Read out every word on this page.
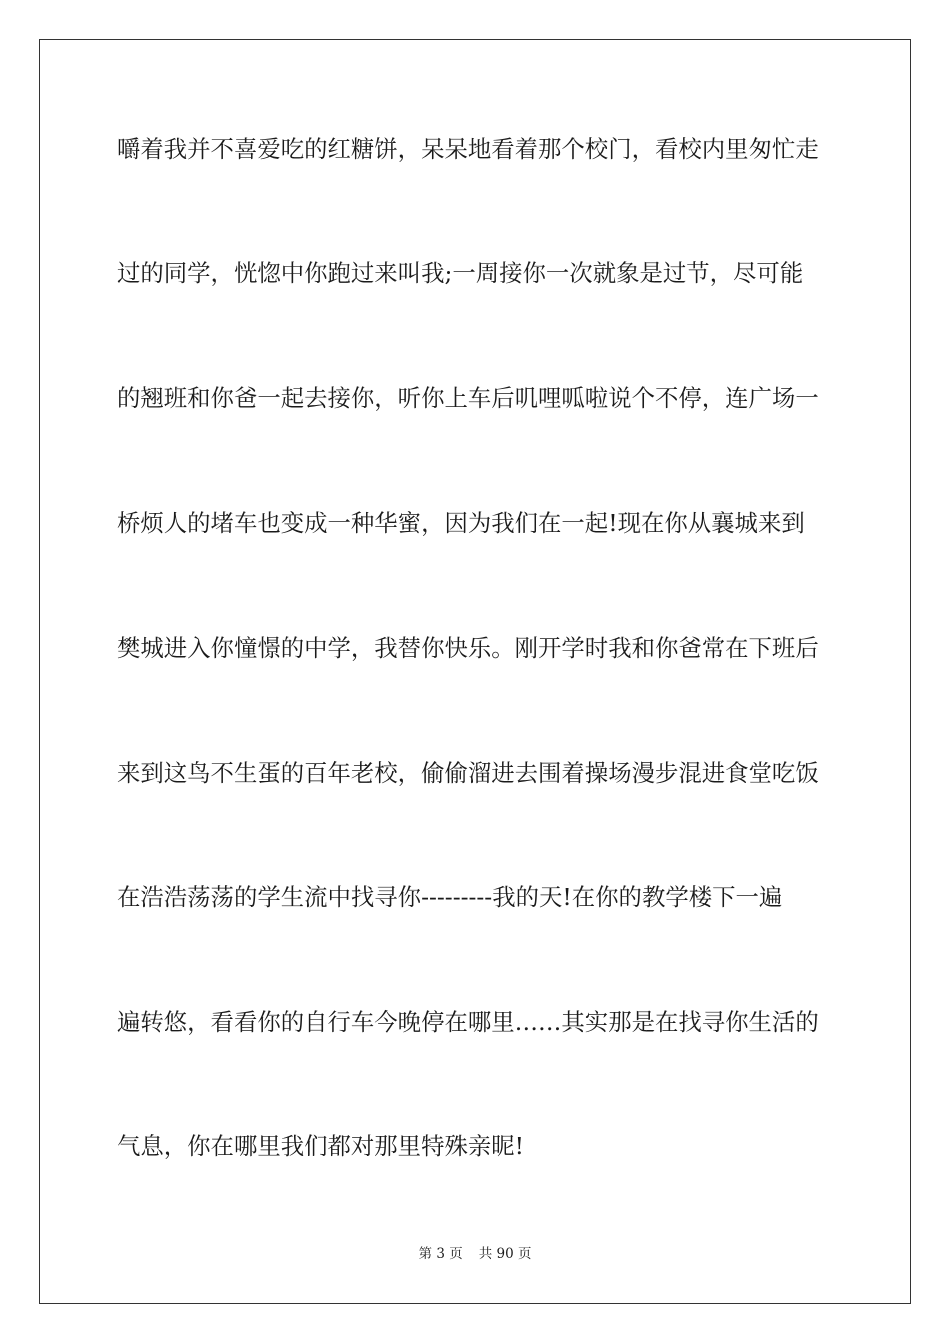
嚼着我并不喜爱吃的红糖饼，呆呆地看着那个校门，看校内里匆忙走
过的同学，恍惚中你跑过来叫我;一周接你一次就象是过节，尽可能
的翘班和你爸一起去接你，听你上车后叽哩呱啦说个不停，连广场一
桥烦人的堵车也变成一种华蜜，因为我们在一起!现在你从襄城来到
樊城进入你憧憬的中学，我替你快乐。刚开学时我和你爸常在下班后
来到这鸟不生蛋的百年老校，偷偷溜进去围着操场漫步混进食堂吃饭
在浩浩荡荡的学生流中找寻你---------我的天!在你的教学楼下一遍
遍转悠，看看你的自行车今晚停在哪里……其实那是在找寻你生活的
气息，你在哪里我们都对那里特殊亲昵!
第 3 页 共 90 页
